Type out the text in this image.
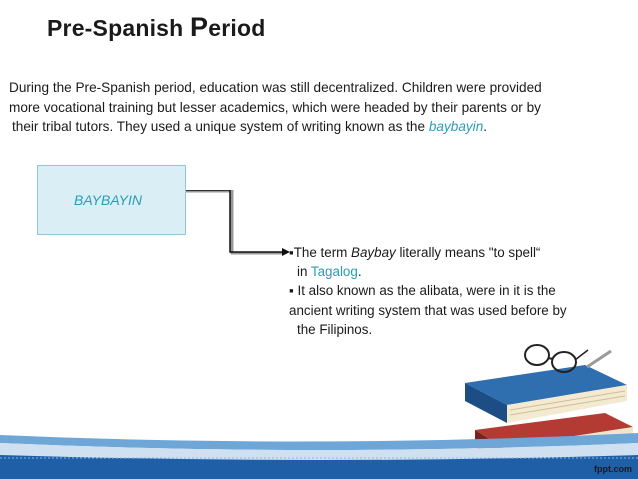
Pre-Spanish Period
During the Pre-Spanish period, education was still decentralized. Children were provided
more vocational training but lesser academics, which were headed by their parents or by
their tribal tutors. They used a unique system of writing known as the baybayin.
BAYBAYIN
▪The term Baybay literally means "to spell“
in Tagalog.
▪ It also known as the alibata, were in it is the
ancient writing system that was used before by
the Filipinos.
fppt.com
